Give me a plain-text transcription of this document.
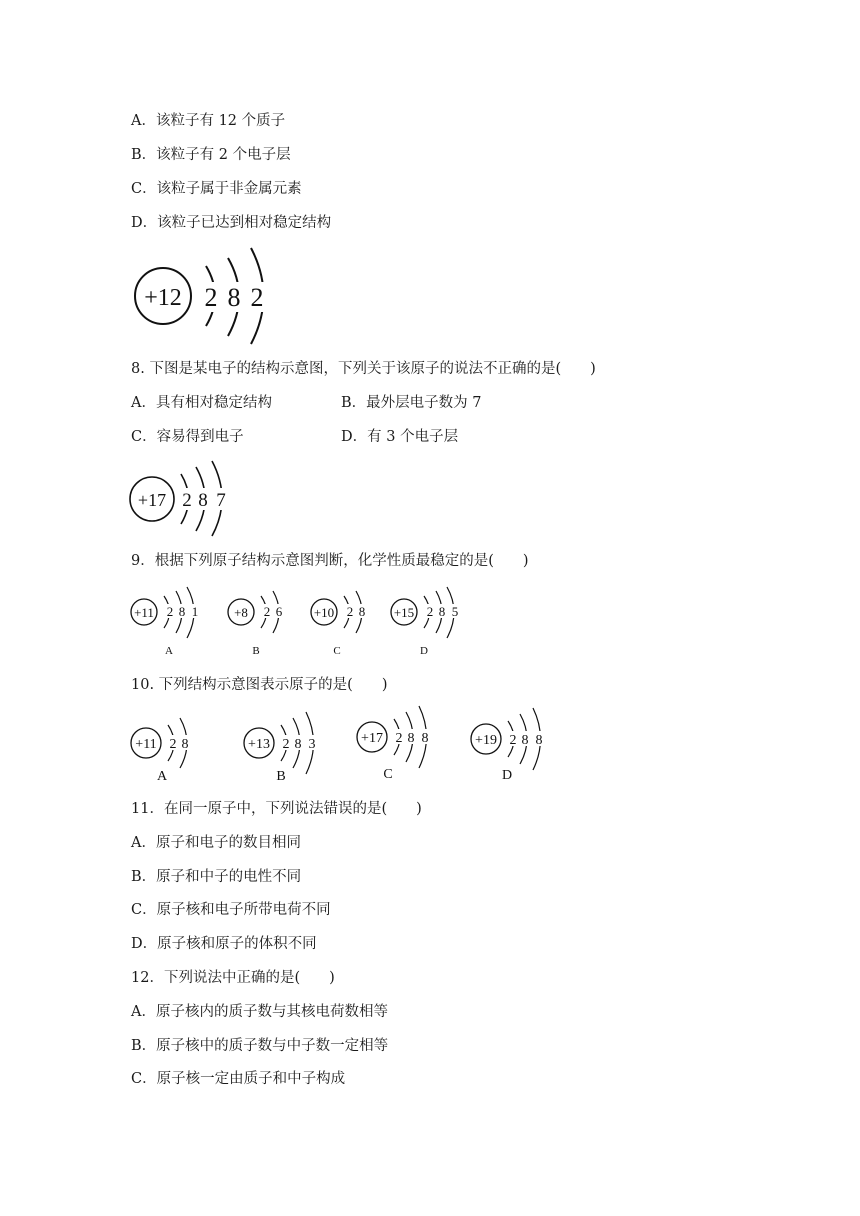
A．该粒子有 12 个质子
B．该粒子有 2 个电子层
C．该粒子属于非金属元素
D．该粒子已达到相对稳定结构
+12 2 8 2
8. 下图是某电子的结构示意图，下列关于该原子的说法不正确的是(　　)
A．具有相对稳定结构	B．最外层电子数为 7
C．容易得到电子	D．有 3 个电子层
+17 2 8 7
9．根据下列原子结构示意图判断，化学性质最稳定的是(　　)
+11 2 8 1
A
+8 2 6
B
+10 2 8
C
+15 2 8 5
D
10. 下列结构示意图表示原子的是(　　)
+11 2 8
A
+13 2 8 3
B
+17 2 8 8
C
+19 2 8 8
D
11．在同一原子中，下列说法错误的是(　　)
A．原子和电子的数目相同
B．原子和中子的电性不同
C．原子核和电子所带电荷不同
D．原子核和原子的体积不同
12．下列说法中正确的是(　　)
A．原子核内的质子数与其核电荷数相等
B．原子核中的质子数与中子数一定相等
C．原子核一定由质子和中子构成
